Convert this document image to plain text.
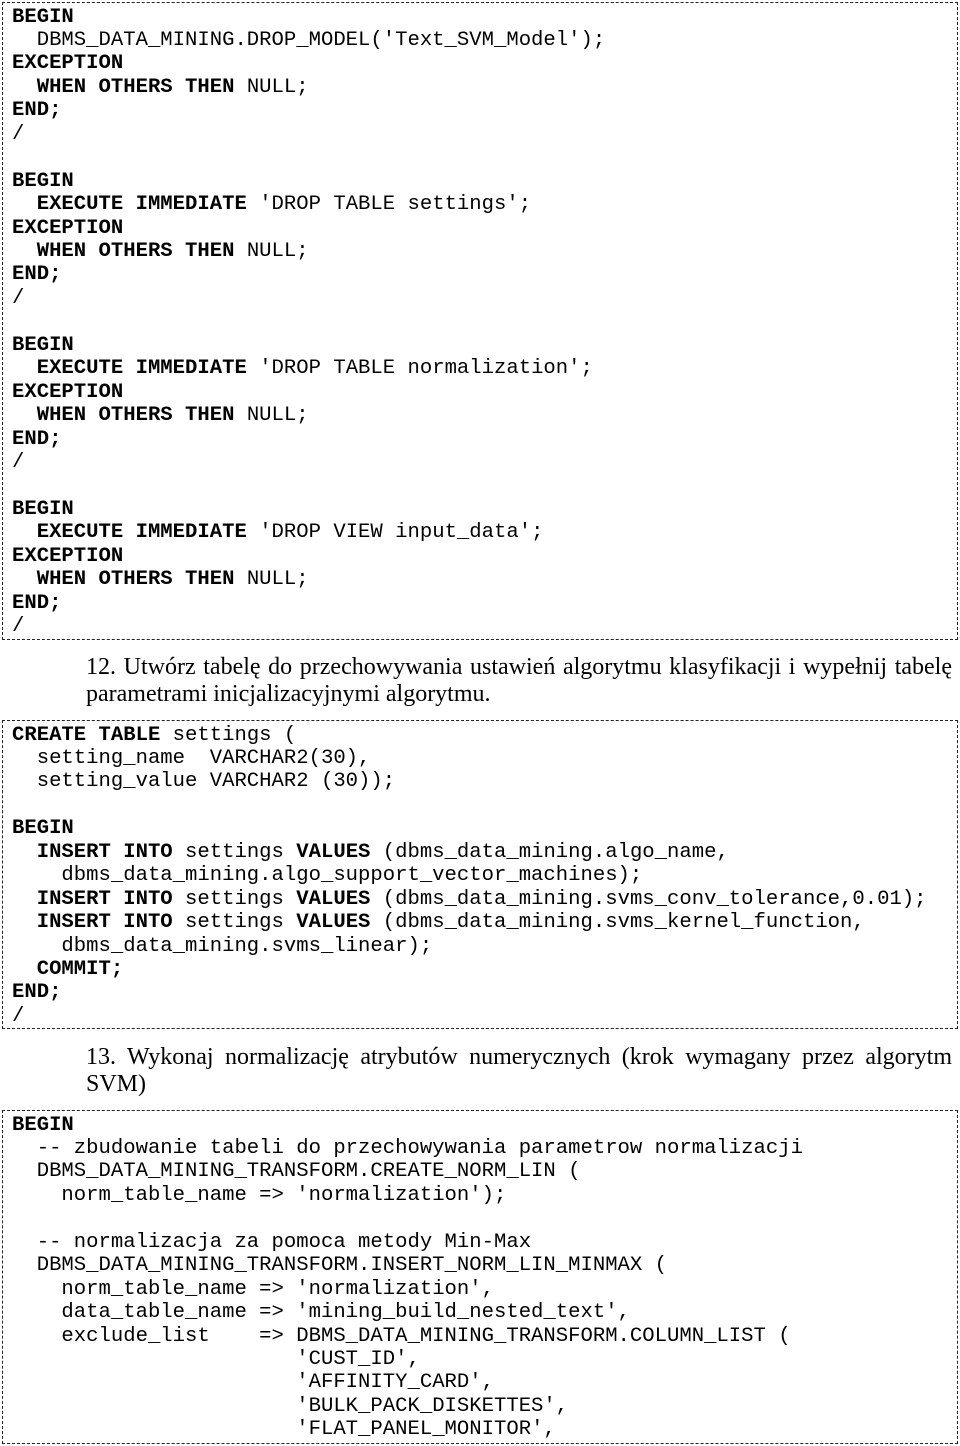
BEGIN
DBMS_DATA_MINING.DROP_MODEL('Text_SVM_Model');
EXCEPTION
WHEN OTHERS THEN NULL;
END;
/
BEGIN
EXECUTE IMMEDIATE 'DROP TABLE settings';
EXCEPTION
WHEN OTHERS THEN NULL;
END;
/
BEGIN
EXECUTE IMMEDIATE 'DROP TABLE normalization';
EXCEPTION
WHEN OTHERS THEN NULL;
END;
/
BEGIN
EXECUTE IMMEDIATE 'DROP VIEW input_data';
EXCEPTION
WHEN OTHERS THEN NULL;
END;
/

12. Utwórz tabelę do przechowywania ustawień algorytmu klasyfikacji i wypełnij tabelę parametrami inicjalizacyjnymi algorytmu.

CREATE TABLE settings (
setting_name  VARCHAR2(30),
setting_value VARCHAR2 (30));
BEGIN
INSERT INTO settings VALUES (dbms_data_mining.algo_name,
dbms_data_mining.algo_support_vector_machines);
INSERT INTO settings VALUES (dbms_data_mining.svms_conv_tolerance,0.01);
INSERT INTO settings VALUES (dbms_data_mining.svms_kernel_function,
dbms_data_mining.svms_linear);
COMMIT;
END;
/

13. Wykonaj normalizację atrybutów numerycznych (krok wymagany przez algorytm SVM)

BEGIN
-- zbudowanie tabeli do przechowywania parametrow normalizacji
DBMS_DATA_MINING_TRANSFORM.CREATE_NORM_LIN (
norm_table_name => 'normalization');
-- normalizacja za pomoca metody Min-Max
DBMS_DATA_MINING_TRANSFORM.INSERT_NORM_LIN_MINMAX (
norm_table_name => 'normalization',
data_table_name => 'mining_build_nested_text',
exclude_list    => DBMS_DATA_MINING_TRANSFORM.COLUMN_LIST (
'CUST_ID',
'AFFINITY_CARD',
'BULK_PACK_DISKETTES',
'FLAT_PANEL_MONITOR',
